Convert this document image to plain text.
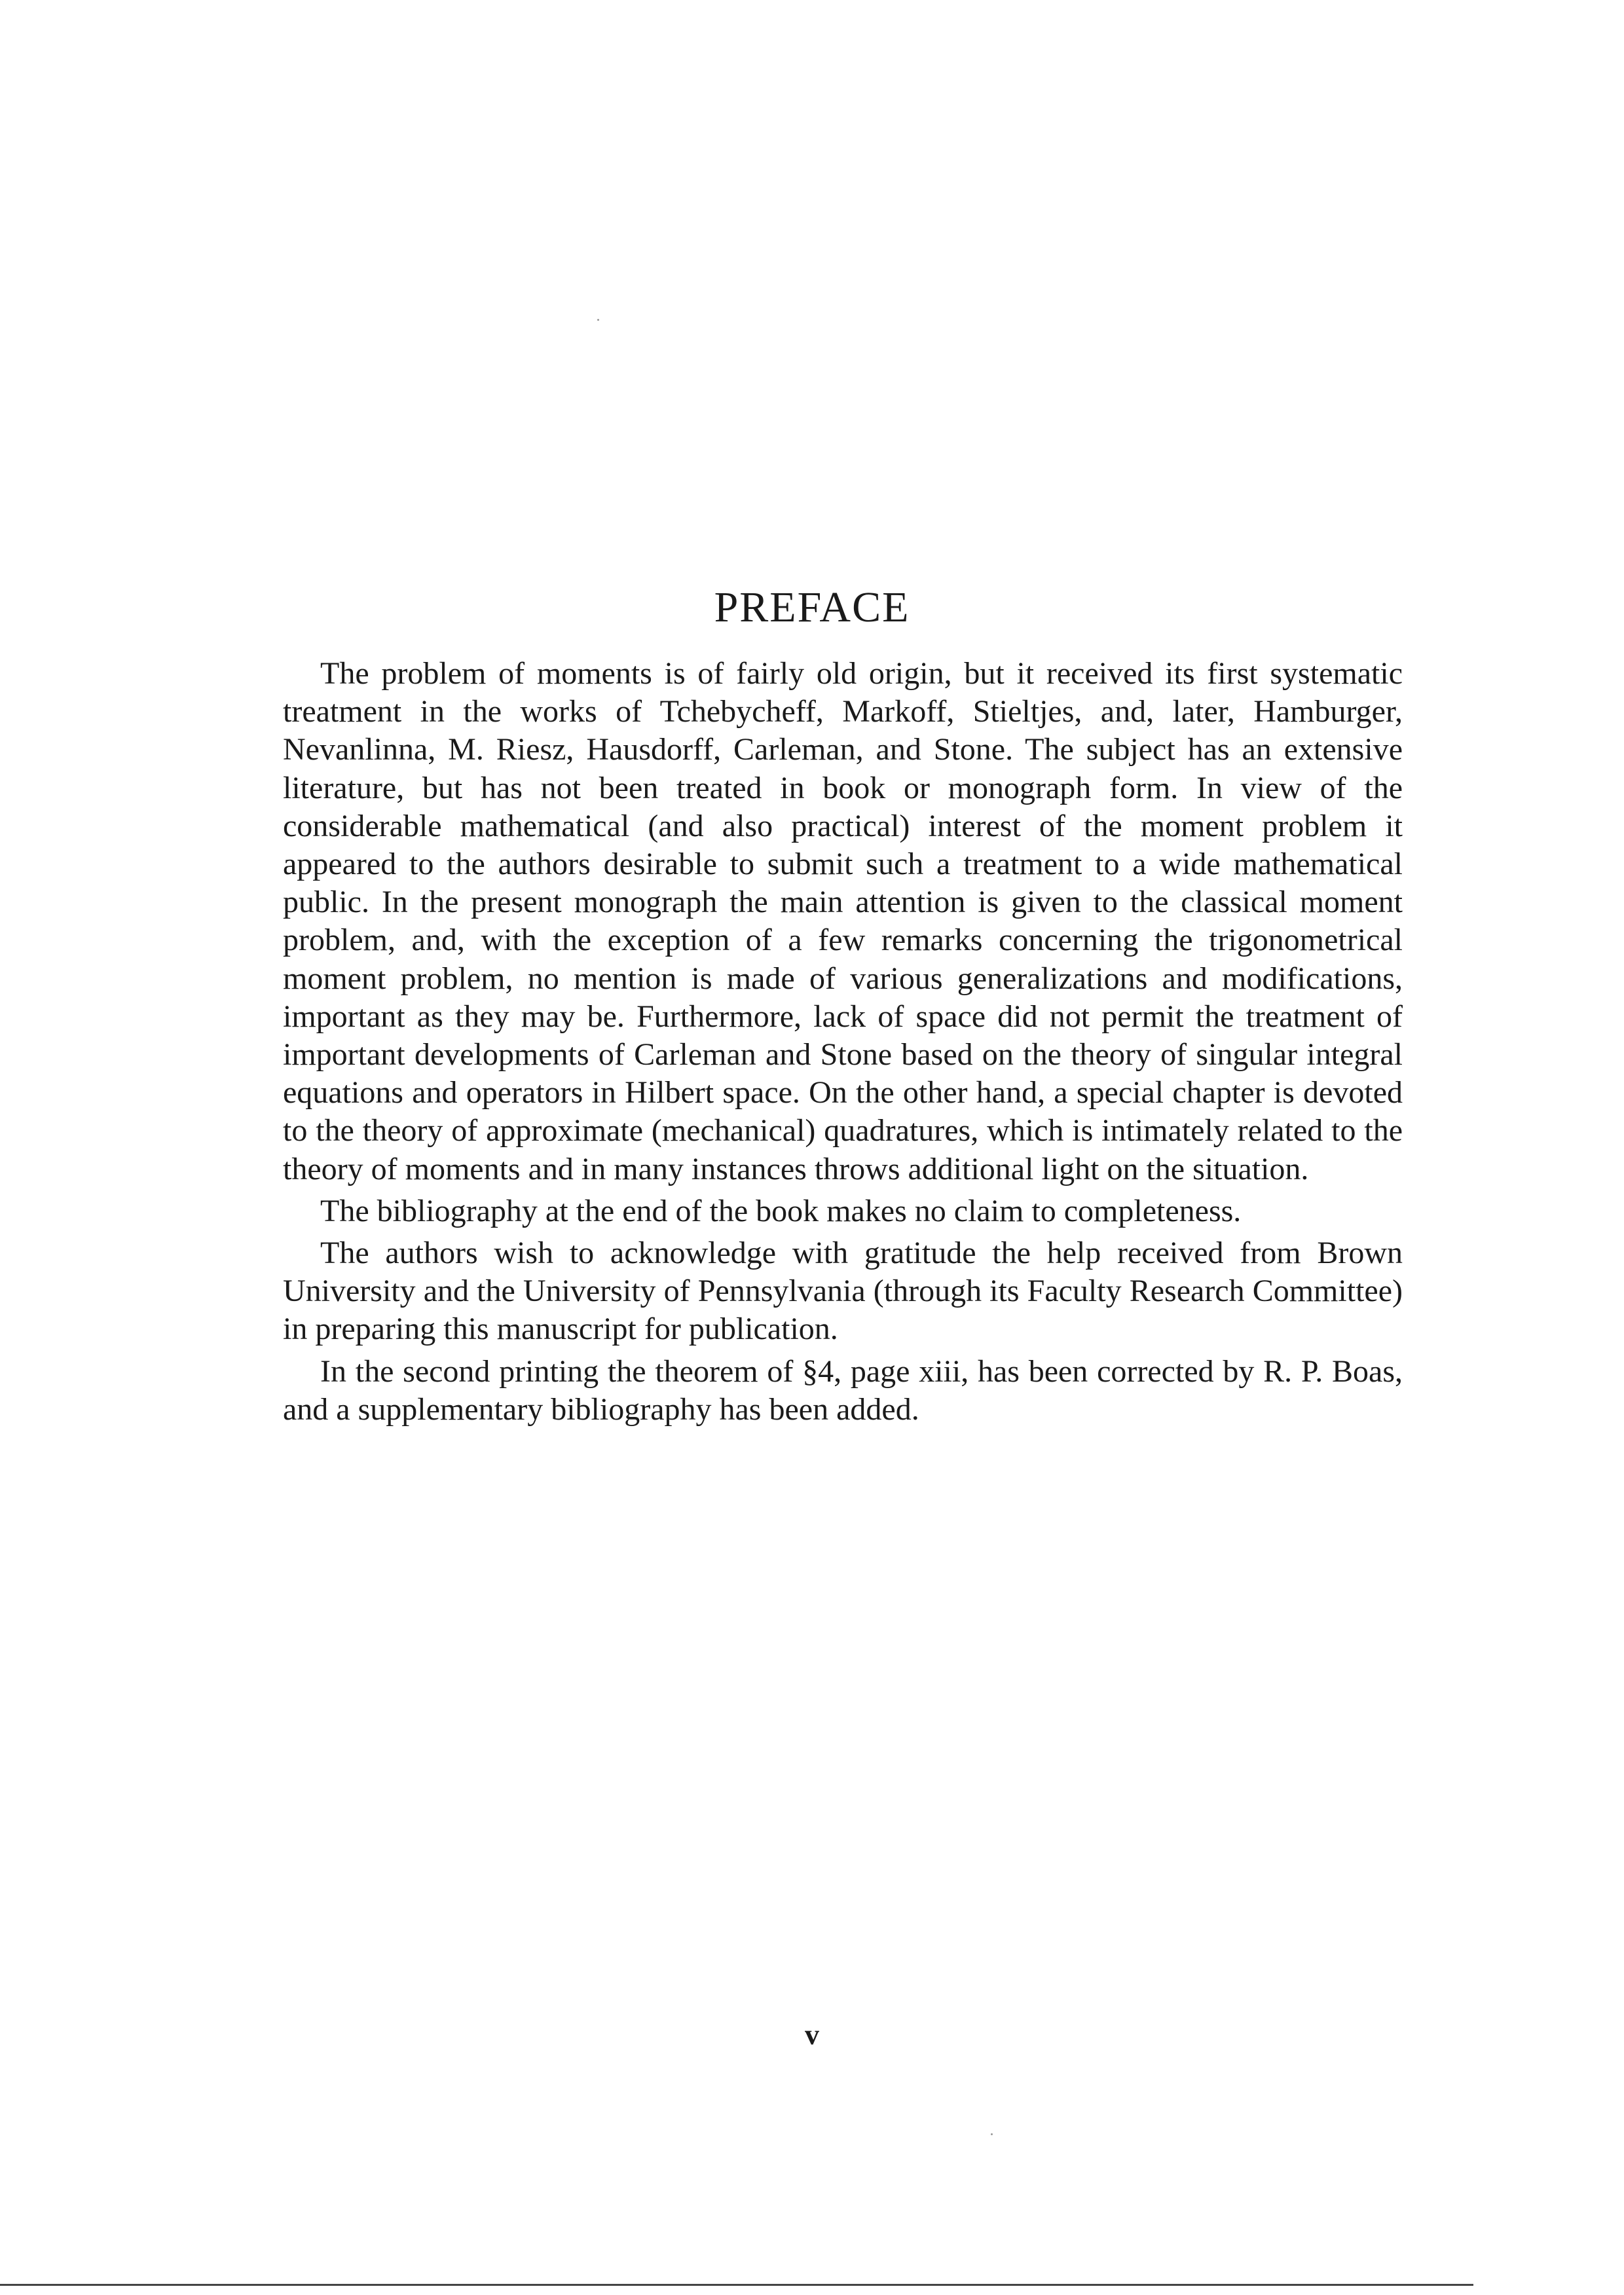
PREFACE

The problem of moments is of fairly old origin, but it received its first systematic treatment in the works of Tchebycheff, Markoff, Stieltjes, and, later, Hamburger, Nevanlinna, M. Riesz, Hausdorff, Carleman, and Stone. The subject has an extensive literature, but has not been treated in book or monograph form. In view of the considerable mathematical (and also practical) interest of the moment problem it appeared to the authors desirable to submit such a treatment to a wide mathematical public. In the present monograph the main attention is given to the classical moment problem, and, with the exception of a few remarks concerning the trigonometrical moment problem, no mention is made of various generalizations and modifications, important as they may be. Furthermore, lack of space did not permit the treatment of important developments of Carleman and Stone based on the theory of singular integral equations and operators in Hilbert space. On the other hand, a special chapter is devoted to the theory of approximate (mechanical) quadratures, which is intimately related to the theory of moments and in many instances throws additional light on the situation.

The bibliography at the end of the book makes no claim to completeness.

The authors wish to acknowledge with gratitude the help received from Brown University and the University of Pennsylvania (through its Faculty Research Committee) in preparing this manuscript for publication.

In the second printing the theorem of §4, page xiii, has been corrected by R. P. Boas, and a supplementary bibliography has been added.

v
